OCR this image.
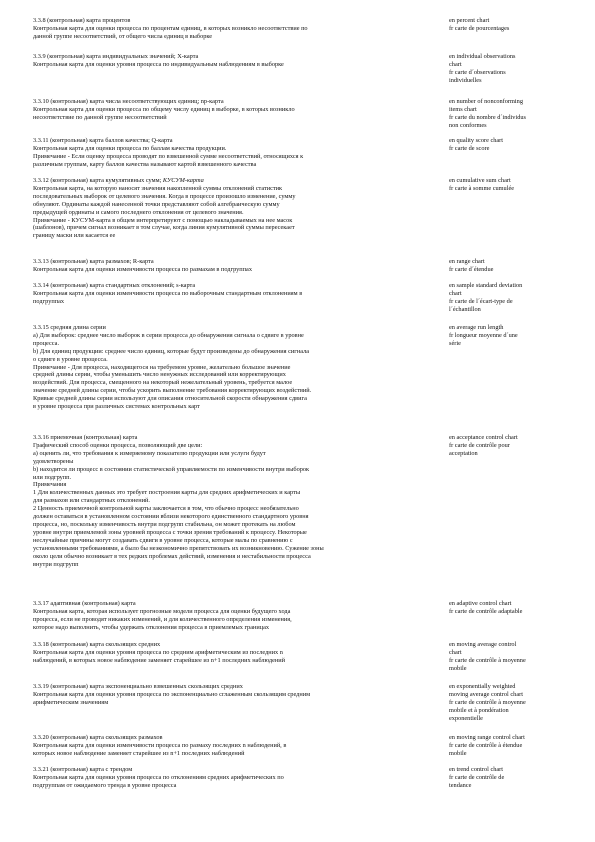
3.3.8 (контрольная) карта процентов
Контрольная карта для оценки процесса по процентам единиц, в которых возникло несоответствие по
данной группе несоответствий, от общего числа единиц в выборке
en percent chart
fr carte de pourcentages
3.3.9 (контрольная) карта индивидуальных значений; X-карта
Контрольная карта для оценки уровня процесса по индивидуальным наблюдениям в выборке
en individual observations
chart
fr carte d´observations
individuelles
3.3.10 (контрольная) карта числа несоответствующих единиц; np-карта
Контрольная карта для оценки процесса по общему числу единиц в выборке, в которых возникло
несоответствие по данной группе несоответствий
en number of nonconforming
items chart
fr carte du nombre d´individus
non conformes
3.3.11 (контрольная) карта баллов качества; Q-карта
Контрольная карта для оценки процесса по баллам качества продукции.
Примечание - Если оценку процесса проводят по взвешенной сумме несоответствий, относящихся к
различным группам, карту баллов качества называют картой взвешенного качества
en quality score chart
fr carte de score
3.3.12 (контрольная) карта кумулятивных сумм; КУСУМ-карта
Контрольная карта, на которую наносят значения накопленной суммы отклонений статистик
последовательных выборок от целевого значения. Когда в процессе произошло изменение, сумму
обнуляют. Ординаты каждой нанесенной точки представляют собой алгебраическую сумму
предыдущей ординаты и самого последнего отклонения от целевого значения.
Примечание - КУСУМ-карта в общем интерпретируют с помощью накладываемых на нее масок
(шаблонов), причем сигнал возникает в том случае, когда линия кумулятивной суммы пересекает
границу маски или касается ее
en cumulative sum chart
fr carte à somme cumulée
3.3.13 (контрольная) карта размахов; R-карта
Контрольная карта для оценки изменчивости процесса по размахам в подгруппах
en range chart
fr carte d´étendue
3.3.14 (контрольная) карта стандартных отклонений; s-карта
Контрольная карта для оценки изменчивости процесса по выборочным стандартным отклонениям в
подгруппах
en sample standard deviation
chart
fr carte de l´écart-type de
l´échantillon
3.3.15 средняя длина серии
a) Для выборок: среднее число выборок в серии процесса до обнаружения сигнала о сдвиге в уровне
процесса.
b) Для единиц продукции: среднее число единиц, которые будут произведены до обнаружения сигнала
о сдвиге в уровне процесса.
Примечание - Для процесса, находящегося на требуемом уровне, желательно большое значение
средней длины серии, чтобы уменьшить число ненужных исследований или корректирующих
воздействий. Для процесса, смещенного на некоторый нежелательный уровень, требуется малое
значение средней длины серии, чтобы ускорить выполнение требования корректирующих воздействий.
Кривые средней длины серии используют для описания относительной скорости обнаружения сдвига
в уровне процесса при различных системах контрольных карт
en average run length
fr longueur moyenne d´une
série
3.3.16 приемочная (контрольная) карта
Графический способ оценки процесса, позволяющий две цели:
a) оценить ли, что требования к измеряемому показателю продукции или услуги будут
удовлетворены
b) находится ли процесс в состоянии статистической управляемости по изменчивости внутри выборок
или подгрупп.
Примечания
1 Для количественных данных это требует построения карты для средних арифметических и карты
для размахов или стандартных отклонений.
2 Ценность приемочной контрольной карты заключается в том, что обычно процесс необязательно
должен оставаться в установленном состоянии вблизи некоторого единственного стандартного уровня
процесса, но, поскольку изменчивость внутри подгрупп стабильна, он может протекать на любом
уровне внутри приемлемой зоны уровней процесса с точки зрения требований к процессу. Некоторые
неслучайные причины могут создавать сдвиги в уровне процесса, которые малы по сравнению с
установленными требованиями, а было бы неэкономично препятствовать их возникновению. Сужение зоны
около цели обычно возникает в тех редких проблемах действий, изменения и нестабильности процесса
внутри подгрупп
en acceptance control chart
fr carte de contrôle pour
acceptation
3.3.17 адаптивная (контрольная) карта
Контрольная карта, которая использует прогнозные модели процесса для оценки будущего хода
процесса, если не проводят никаких изменений, и для количественного определения изменения,
которое надо выполнить, чтобы удержать отклонения процесса в приемлемых границах
en adaptive control chart
fr carte de contrôle adaptable
3.3.18 (контрольная) карта скользящих средних
Контрольная карта для оценки уровня процесса по средним арифметическим из последних n
наблюдений, в которых новое наблюдение заменяет старейшее из n+1 последних наблюдений
en moving average control
chart
fr carte de contrôle à moyenne
mobile
3.3.19 (контрольная) карта экспоненциально взвешенных скользящих средних
Контрольная карта для оценки уровня процесса по экспоненциально сглаженным скользящим средним
арифметическим значениям
en exponentially weighted
moving average control chart
fr carte de contrôle à moyenne
mobile et à pondération
exponentielle
3.3.20 (контрольная) карта скользящих размахов
Контрольная карта для оценки изменчивости процесса по размаху последних n наблюдений, в
которых новое наблюдение заменяет старейшее из n+1 последних наблюдений
en moving range control chart
fr carte de contrôle à étendue
mobile
3.3.21 (контрольная) карта с трендом
Контрольная карта для оценки уровня процесса по отклонениям средних арифметических по
подгруппам от ожидаемого тренда в уровне процесса
en trend control chart
fr carte de contrôle de
tendance
